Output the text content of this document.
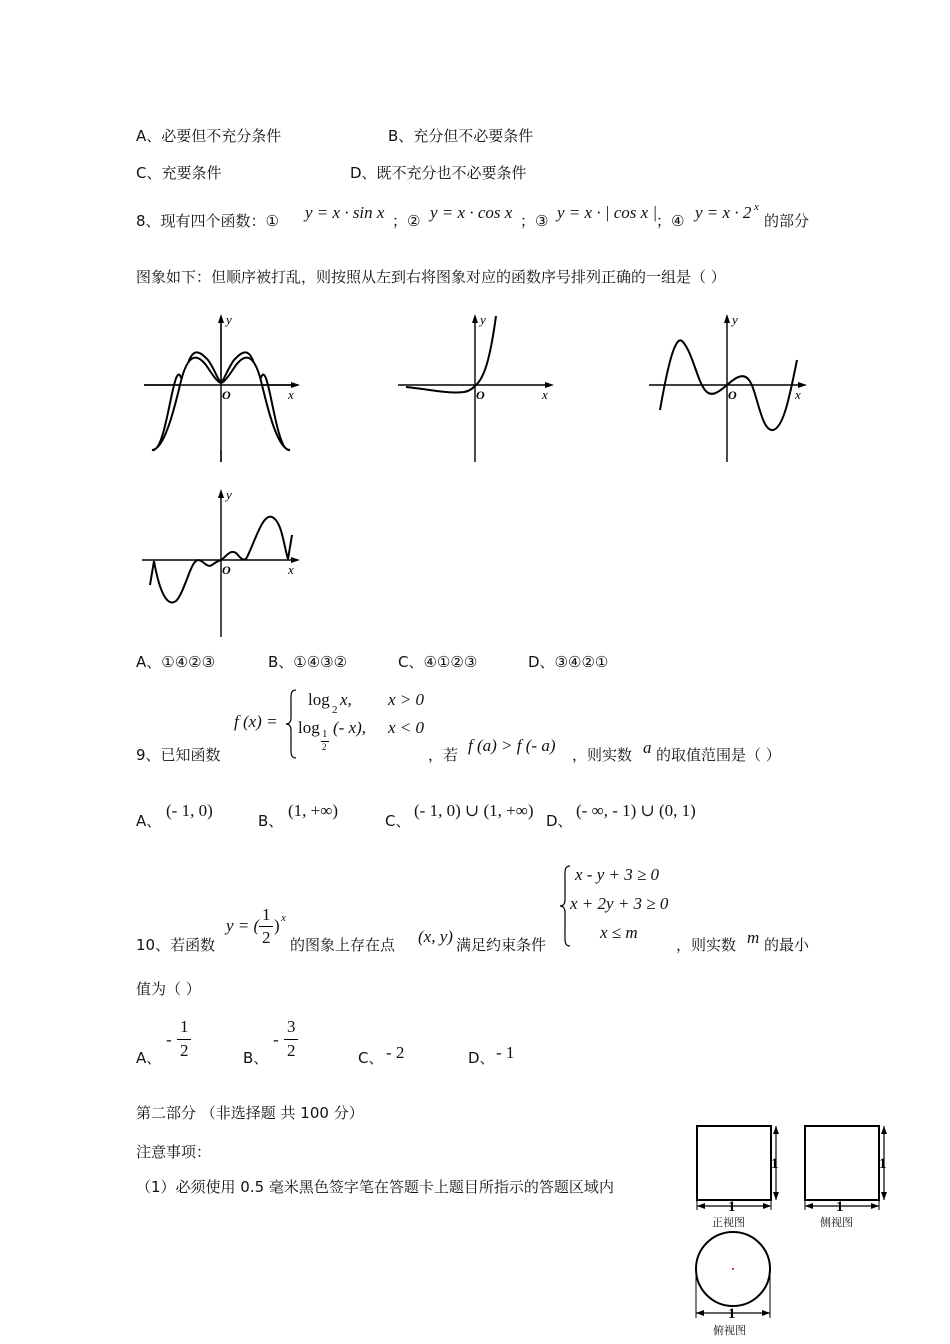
A、必要但不充分条件	B、充分但不必要条件
C、充要条件	D、既不充分也不必要条件
8、现有四个函数：① y = x · sin x ；② y = x · cos x ；③ y = x · | cos x |
；④ y = x · 2 x
的部分
图象如下：但顺序被打乱，则按照从左到右将图象对应的函数序号排列正确的一组是（ ）
y
x
O
y
x
O
y
x
O
y
x
O
A、①④②③	B、①④③②	C、④①②③	D、③④②①
9、已知函数
f (x) =
log
2
x, x > 0
log 1
2
(- x), x < 0
，若 f (a) > f (- a) ，则实数 a 的取值范围是（ ）
A、
(- 1, 0)
B、
(1, +∞)
C、
(- 1, 0) ∪ (1, +∞)
D、
(- ∞, - 1) ∪ (0, 1)
10、若函数
y = (
1
2
) x
的图象上存在点 (x, y) 满足约束条件
x - y + 3 ≥ 0
x + 2y + 3 ≥ 0
x ≤ m
，则实数 m 的最小
值为（ ）
A、
-
1
2	B、
-
3
2	C、 - 2	D、 - 1
第二部分 （非选择题 共 100 分）
注意事项：
（1）必须使用 0.5 毫米黑色签字笔在答题卡上题目所指示的答题区域内
1
1
1
1
1
正视图	侧视图
俯视图
